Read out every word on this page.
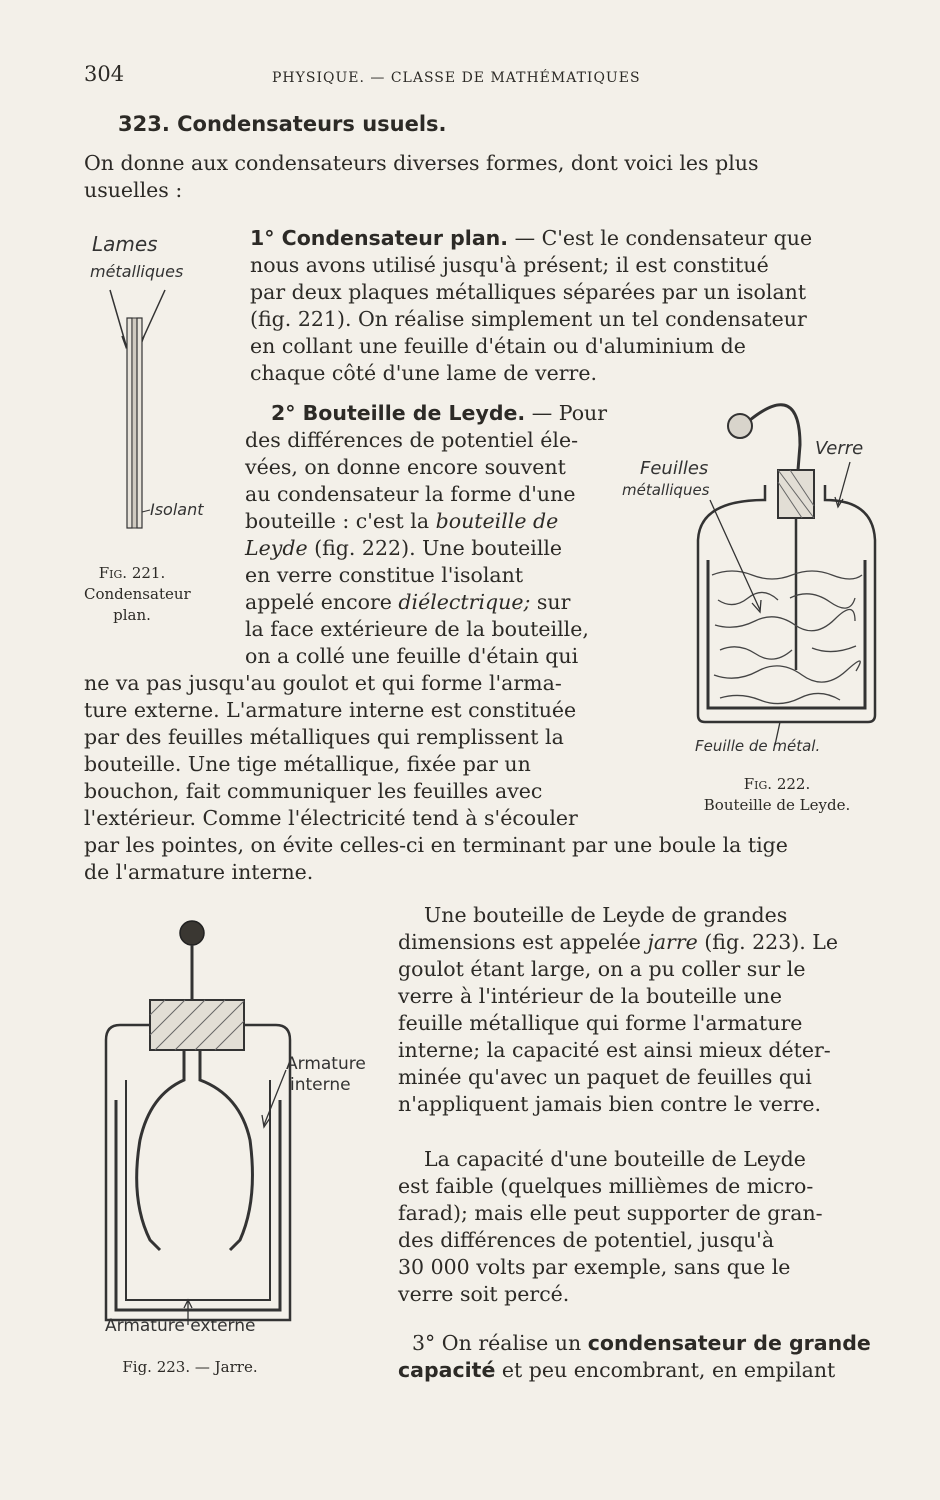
304	PHYSIQUE. — CLASSE DE MATHÉMATIQUES
323. Condensateurs usuels.

On donne aux condensateurs diverses formes, dont voici les plus
usuelles :

1° Condensateur plan. — C'est le condensateur que
nous avons utilisé jusqu'à présent; il est constitué
par deux plaques métalliques séparées par un isolant
(fig. 221). On réalise simplement un tel condensateur
en collant une feuille d'étain ou d'aluminium de
chaque côté d'une lame de verre.

Lames
métalliques
Isolant
Fig. 221.
Condensateur
plan.

2° Bouteille de Leyde. — Pour
des différences de potentiel éle-
vées, on donne encore souvent
au condensateur la forme d'une
bouteille : c'est la bouteille de
Leyde (fig. 222). Une bouteille
en verre constitue l'isolant
appelé encore diélectrique; sur
la face extérieure de la bouteille,
on a collé une feuille d'étain qui

ne va pas jusqu'au goulot et qui forme l'arma-
ture externe. L'armature interne est constituée
par des feuilles métalliques qui remplissent la
bouteille. Une tige métallique, fixée par un
bouchon, fait communiquer les feuilles avec
l'extérieur. Comme l'électricité tend à s'écouler

par les pointes, on évite celles-ci en terminant par une boule la tige
de l'armature interne.

Feuilles
métalliques
Verre
Feuille de métal.
Fig. 222.
Bouteille de Leyde.
Armature
interne
Armature externe
Fig. 223. — Jarre.

Une bouteille de Leyde de grandes
dimensions est appelée jarre (fig. 223). Le
goulot étant large, on a pu coller sur le
verre à l'intérieur de la bouteille une
feuille métallique qui forme l'armature
interne; la capacité est ainsi mieux déter-
minée qu'avec un paquet de feuilles qui
n'appliquent jamais bien contre le verre.

La capacité d'une bouteille de Leyde
est faible (quelques millièmes de micro-
farad); mais elle peut supporter de gran-
des différences de potentiel, jusqu'à
30 000 volts par exemple, sans que le
verre soit percé.

3° On réalise un condensateur de grande
capacité et peu encombrant, en empilant
